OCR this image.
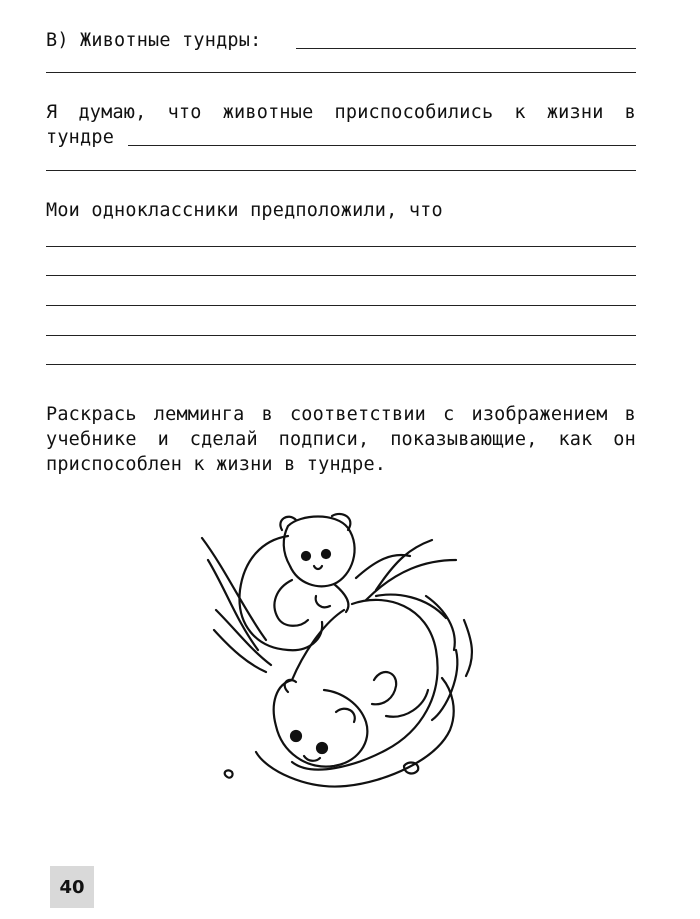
В) Животные тундры:
Я думаю, что животные приспособились к жизни в
тундре
Мои одноклассники предположили, что
Раскрась лемминга в соответствии с изображением в
учебнике и сделай подписи, показывающие, как он
приспособлен к жизни в тундре.
40
